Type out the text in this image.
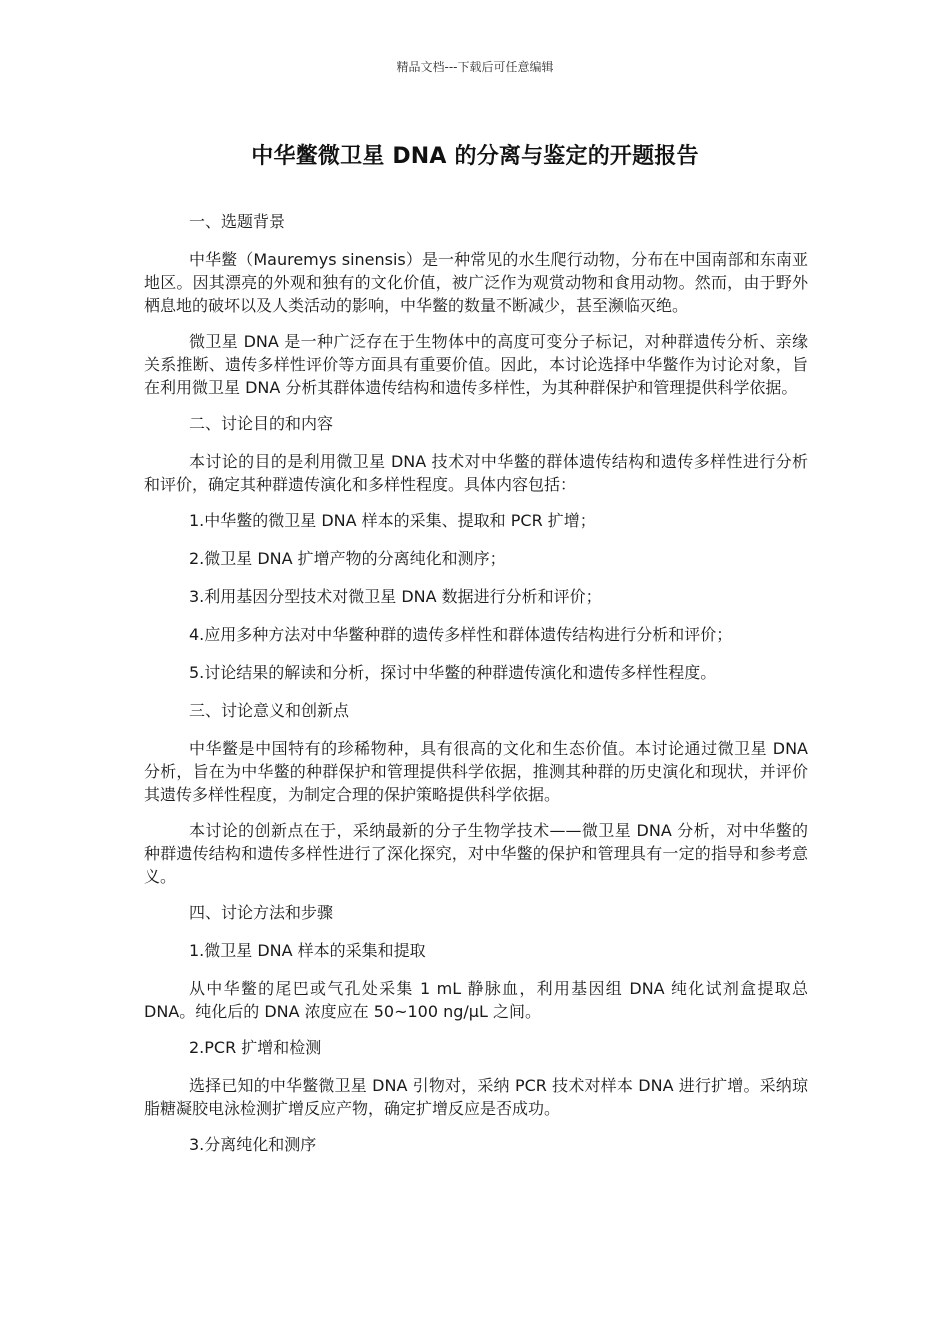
精品文档---下载后可任意编辑
中华鳖微卫星 DNA 的分离与鉴定的开题报告

一、选题背景

中华鳖（Mauremys sinensis）是一种常见的水生爬行动物，分布在中国南部和东南亚地区。因其漂亮的外观和独有的文化价值，被广泛作为观赏动物和食用动物。然而，由于野外栖息地的破坏以及人类活动的影响，中华鳖的数量不断减少，甚至濒临灭绝。

微卫星 DNA 是一种广泛存在于生物体中的高度可变分子标记，对种群遗传分析、亲缘关系推断、遗传多样性评价等方面具有重要价值。因此，本讨论选择中华鳖作为讨论对象，旨在利用微卫星 DNA 分析其群体遗传结构和遗传多样性，为其种群保护和管理提供科学依据。

二、讨论目的和内容

本讨论的目的是利用微卫星 DNA 技术对中华鳖的群体遗传结构和遗传多样性进行分析和评价，确定其种群遗传演化和多样性程度。具体内容包括：

1.中华鳖的微卫星 DNA 样本的采集、提取和 PCR 扩增；

2.微卫星 DNA 扩增产物的分离纯化和测序；

3.利用基因分型技术对微卫星 DNA 数据进行分析和评价；

4.应用多种方法对中华鳖种群的遗传多样性和群体遗传结构进行分析和评价；

5.讨论结果的解读和分析，探讨中华鳖的种群遗传演化和遗传多样性程度。

三、讨论意义和创新点

中华鳖是中国特有的珍稀物种，具有很高的文化和生态价值。本讨论通过微卫星 DNA 分析，旨在为中华鳖的种群保护和管理提供科学依据，推测其种群的历史演化和现状，并评价其遗传多样性程度，为制定合理的保护策略提供科学依据。

本讨论的创新点在于，采纳最新的分子生物学技术——微卫星 DNA 分析，对中华鳖的种群遗传结构和遗传多样性进行了深化探究，对中华鳖的保护和管理具有一定的指导和参考意义。

四、讨论方法和步骤

1.微卫星 DNA 样本的采集和提取

从中华鳖的尾巴或气孔处采集 1 mL 静脉血，利用基因组 DNA 纯化试剂盒提取总 DNA。纯化后的 DNA 浓度应在 50~100 ng/μL 之间。

2.PCR 扩增和检测

选择已知的中华鳖微卫星 DNA 引物对，采纳 PCR 技术对样本 DNA 进行扩增。采纳琼脂糖凝胶电泳检测扩增反应产物，确定扩增反应是否成功。

3.分离纯化和测序
